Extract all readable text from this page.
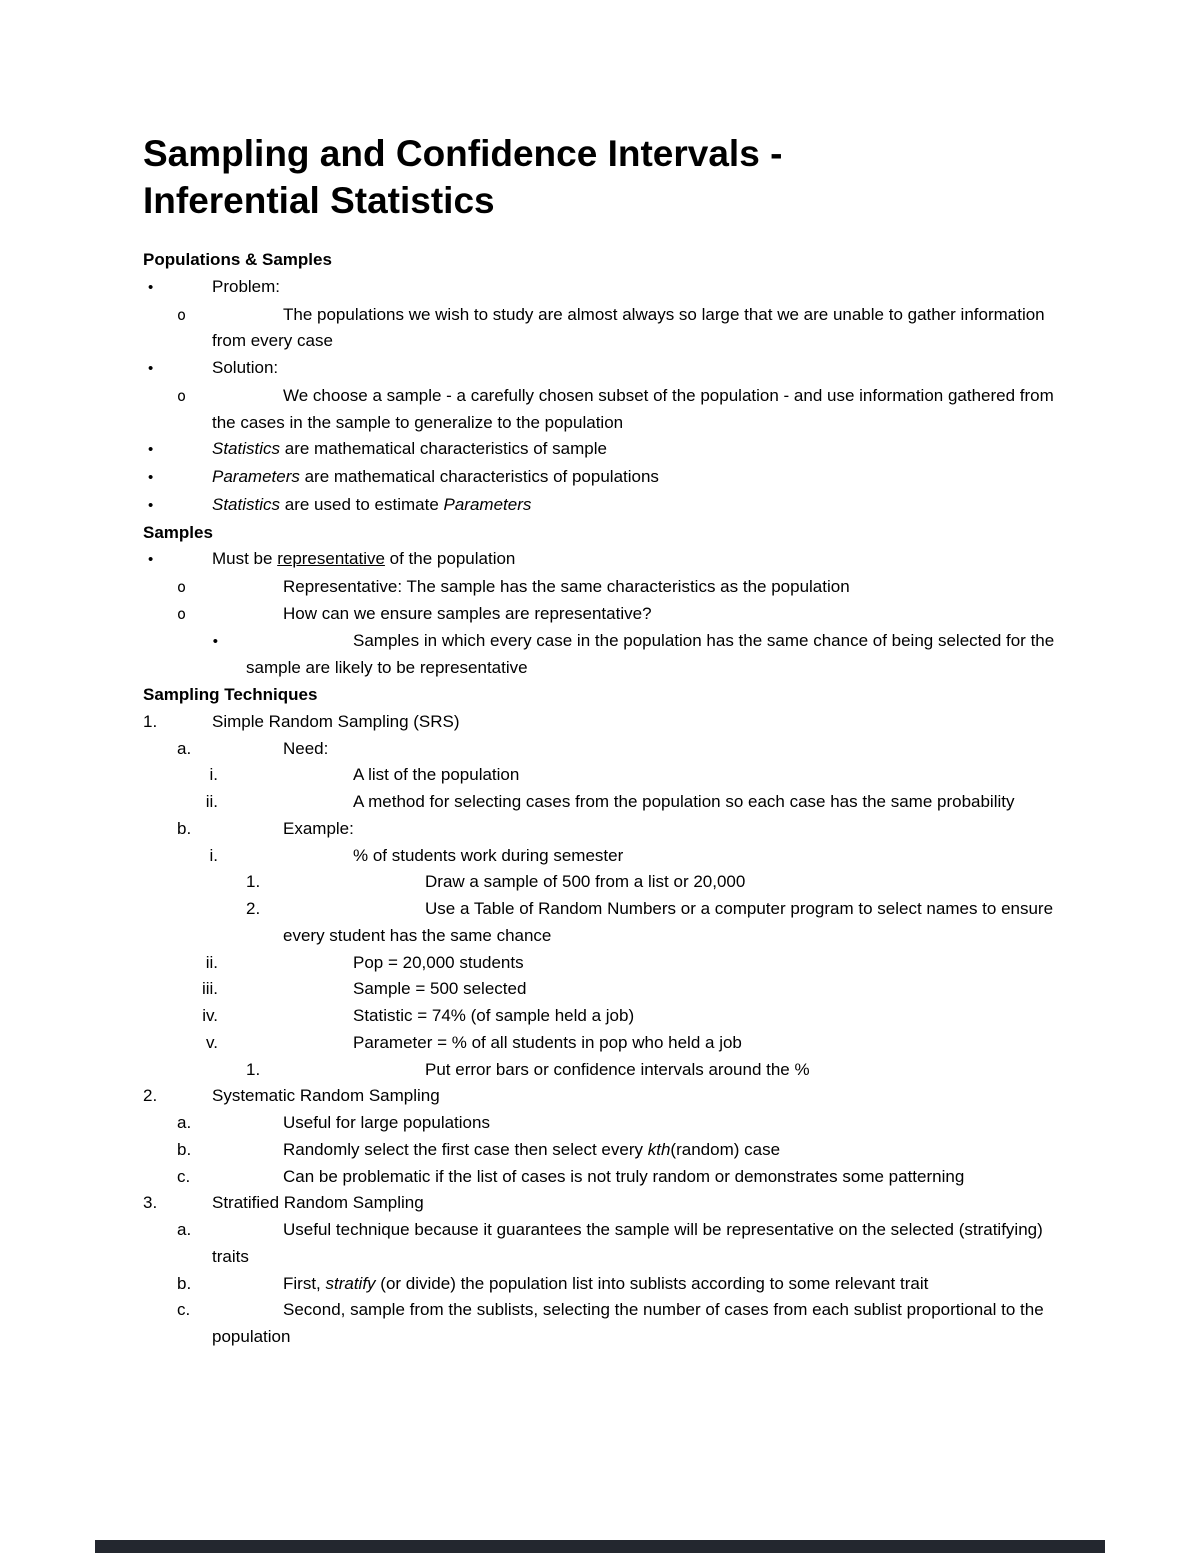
Sampling and Confidence Intervals -
Inferential Statistics
Populations & Samples
•	Problem:
o	The populations we wish to study are almost always so large that we are unable to gather information from every case
•	Solution:
o	We choose a sample - a carefully chosen subset of the population - and use information gathered from the cases in the sample to generalize to the population
•	Statistics are mathematical characteristics of sample
•	Parameters are mathematical characteristics of populations
•	Statistics are used to estimate Parameters
Samples
•	Must be representative of the population
o	Representative: The sample has the same characteristics as the population
o	How can we ensure samples are representative?
•	Samples in which every case in the population has the same chance of being selected for the sample are likely to be representative
Sampling Techniques
1.	Simple Random Sampling (SRS)
a.	Need:
i.	A list of the population
ii.	A method for selecting cases from the population so each case has the same probability
b.	Example:
i.	% of students work during semester
1.	Draw a sample of 500 from a list or 20,000
2.	Use a Table of Random Numbers or a computer program to select names to ensure every student has the same chance
ii.	Pop = 20,000 students
iii.	Sample = 500 selected
iv.	Statistic = 74% (of sample held a job)
v.	Parameter = % of all students in pop who held a job
1.	Put error bars or confidence intervals around the %
2.	Systematic Random Sampling
a.	Useful for large populations
b.	Randomly select the first case then select every kth(random) case
c.	Can be problematic if the list of cases is not truly random or demonstrates some patterning
3.	Stratified Random Sampling
a.	Useful technique because it guarantees the sample will be representative on the selected (stratifying) traits
b.	First, stratify (or divide) the population list into sublists according to some relevant trait
c.	Second, sample from the sublists, selecting the number of cases from each sublist proportional to the population
